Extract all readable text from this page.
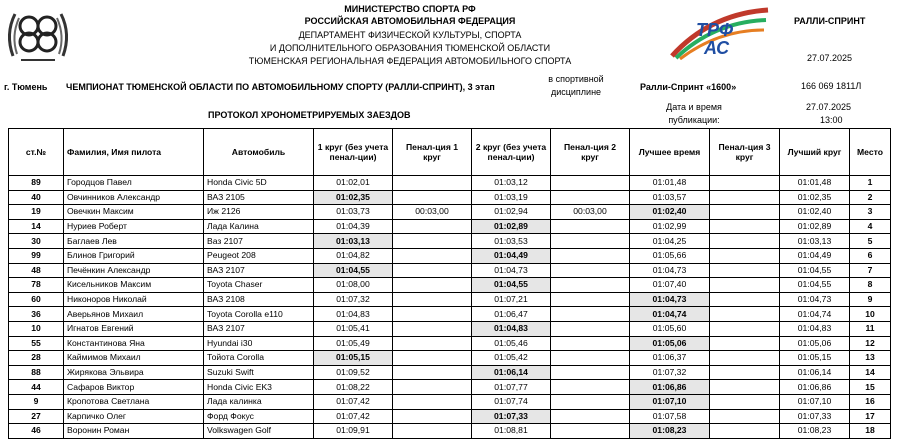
ТРФ
АС
МИНИСТЕРСТВО СПОРТА РФ
РОССИЙСКАЯ АВТОМОБИЛЬНАЯ ФЕДЕРАЦИЯ
ДЕПАРТАМЕНТ ФИЗИЧЕСКОЙ КУЛЬТУРЫ, СПОРТА
И ДОПОЛНИТЕЛЬНОГО ОБРАЗОВАНИЯ ТЮМЕНСКОЙ ОБЛАСТИ
ТЮМЕНСКАЯ РЕГИОНАЛЬНАЯ ФЕДЕРАЦИЯ АВТОМОБИЛЬНОГО СПОРТА
РАЛЛИ-СПРИНТ
27.07.2025
г. Тюмень ЧЕМПИОНАТ ТЮМЕНСКОЙ ОБЛАСТИ ПО АВТОМОБИЛЬНОМУ СПОРТУ (РАЛЛИ-СПРИНТ), 3 этап
в спортивной
дисциплине	Ралли-Спринт «1600»	166 069 1811Л
ПРОТОКОЛ ХРОНОМЕТРИРУЕМЫХ ЗАЕЗДОВ
Дата и время
публикации:
27.07.2025
13:00
ст.№	Фамилия, Имя пилота	Автомобиль	1 круг (без учета пенал-ции)	Пенал-ция 1 круг	2 круг (без учета пенал-ции)	Пенал-ция 2 круг	Лучшее время	Пенал-ция 3 круг	Лучший круг	Место
89	Городцов Павел	Honda Civic 5D	01:02,01		01:03,12		01:01,48		01:01,48	1
40	Овчинников Александр	ВАЗ 2105	01:02,35		01:03,19		01:03,57		01:02,35	2
19	Овечкин Максим	Иж 2126	01:03,73	00:03,00	01:02,94	00:03,00	01:02,40		01:02,40	3
14	Нуриев Роберт	Лада Калина	01:04,39		01:02,89		01:02,99		01:02,89	4
30	Баглаев Лев	Ваз 2107	01:03,13		01:03,53		01:04,25		01:03,13	5
99	Блинов Григорий	Peugeot 208	01:04,82		01:04,49		01:05,66		01:04,49	6
48	Печёнкин Александр	ВАЗ 2107	01:04,55		01:04,73		01:04,73		01:04,55	7
78	Кисельников Максим	Toyota Chaser	01:08,00		01:04,55		01:07,40		01:04,55	8
60	Никоноров Николай	ВАЗ 2108	01:07,32		01:07,21		01:04,73		01:04,73	9
36	Аверьянов Михаил	Toyota Corolla e110	01:04,83		01:06,47		01:04,74		01:04,74	10
10	Игнатов Евгений	ВАЗ 2107	01:05,41		01:04,83		01:05,60		01:04,83	11
55	Константинова Яна	Hyundai i30	01:05,49		01:05,46		01:05,06		01:05,06	12
28	Каймимов Михаил	Тойота Corolla	01:05,15		01:05,42		01:06,37		01:05,15	13
88	Жирякова Эльвира	Suzuki Swift	01:09,52		01:06,14		01:07,32		01:06,14	14
44	Сафаров Виктор	Honda Civic EK3	01:08,22		01:07,77		01:06,86		01:06,86	15
9	Кропотова Светлана	Лада калинка	01:07,42		01:07,74		01:07,10		01:07,10	16
27	Карпичко Олег	Форд Фокус	01:07,42		01:07,33		01:07,58		01:07,33	17
46	Воронин Роман	Volkswagen Golf	01:09,91		01:08,81		01:08,23		01:08,23	18
